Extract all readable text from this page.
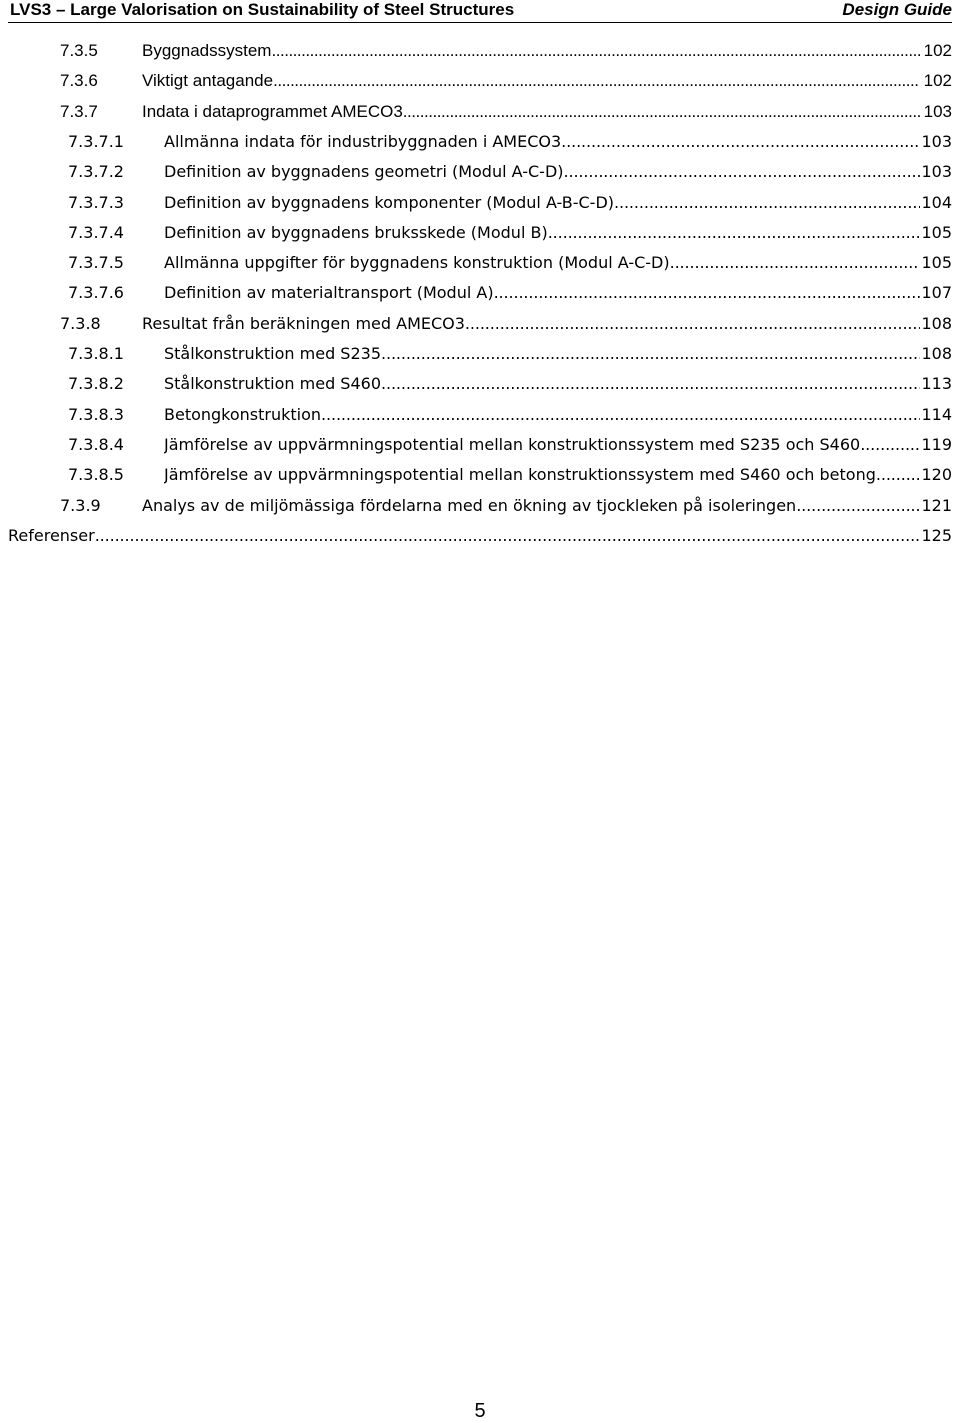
LVS3 – Large Valorisation on Sustainability of Steel Structures	Design Guide
7.3.5	Byggnadssystem . . .	102
7.3.6	Viktigt antagande . . .	102
7.3.7	Indata i dataprogrammet AMECO3 . . .	103
7.3.7.1	Allmänna indata för industribyggnaden i AMECO3 . . .	103
7.3.7.2	Definition av byggnadens geometri (Modul A-C-D) . . .	103
7.3.7.3	Definition av byggnadens komponenter (Modul A-B-C-D) . . .	104
7.3.7.4	Definition av byggnadens bruksskede (Modul B) . . .	105
7.3.7.5	Allmänna uppgifter för byggnadens konstruktion (Modul A-C-D) . . .	105
7.3.7.6	Definition av materialtransport (Modul A) . . .	107
7.3.8	Resultat från beräkningen med AMECO3 . . .	108
7.3.8.1	Stålkonstruktion med S235 . . .	108
7.3.8.2	Stålkonstruktion med S460 . . .	113
7.3.8.3	Betongkonstruktion . . .	114
7.3.8.4	Jämförelse av uppvärmningspotential mellan konstruktionssystem med S235 och S460 . . .	119
7.3.8.5	Jämförelse av uppvärmningspotential mellan konstruktionssystem med S460 och betong . . .	120
7.3.9	Analys av de miljömässiga fördelarna med en ökning av tjockleken på isoleringen . . .	121
Referenser . . .	125
5
